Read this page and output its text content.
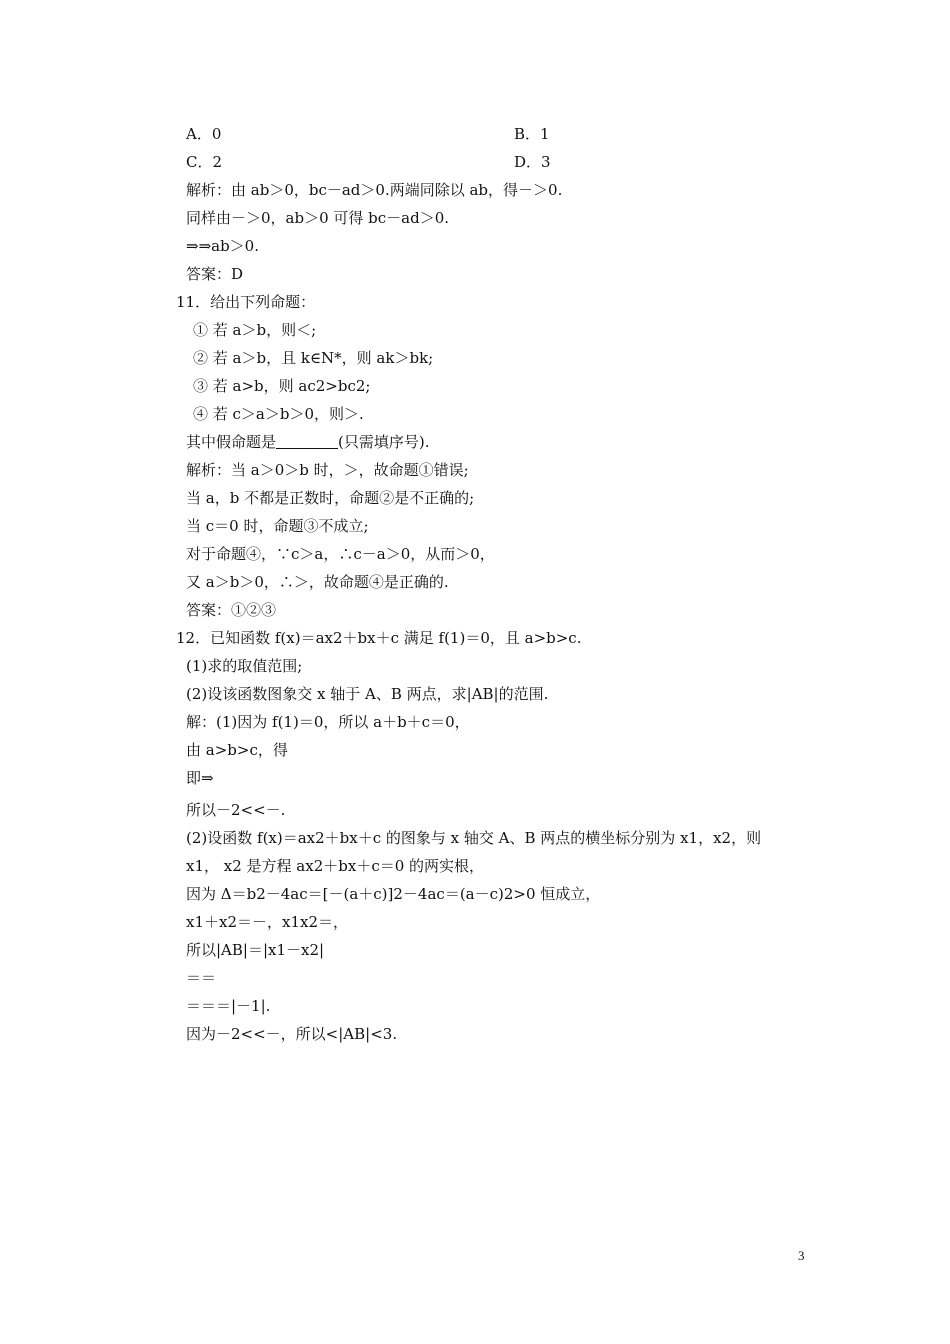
A．0	B．1
C．2	D．3
解析：由 ab＞0，bc－ad＞0.两端同除以 ab，得－＞0.
同样由－＞0，ab＞0 可得 bc－ad＞0.
⇒⇒ab＞0.
答案：D
11．给出下列命题：
① 若 a＞b，则＜;
② 若 a＞b，且 k∈N*，则 ak＞bk;
③ 若 a>b，则 ac2>bc2;
④ 若 c＞a＞b＞0，则＞.
其中假命题是	(只需填序号).
解析：当 a＞0＞b 时，＞，故命题①错误;
当 a，b 不都是正数时，命题②是不正确的;
当 c＝0 时，命题③不成立;
对于命题④，∵c＞a，∴c－a＞0，从而＞0，
又 a＞b＞0，∴＞，故命题④是正确的.
答案：①②③
12．已知函数 f(x)＝ax2＋bx＋c 满足 f(1)＝0，且 a>b>c.
(1)求的取值范围;
(2)设该函数图象交 x 轴于 A、B 两点，求|AB|的范围.
解：(1)因为 f(1)＝0，所以 a＋b＋c＝0，
由 a>b>c，得
即⇒
所以－2<<－.
(2)设函数 f(x)＝ax2＋bx＋c 的图象与 x 轴交 A、B 两点的横坐标分别为 x1，x2，则
x1， x2 是方程 ax2＋bx＋c＝0 的两实根，
因为 Δ＝b2－4ac＝[－(a＋c)]2－4ac＝(a－c)2>0 恒成立，
x1＋x2＝－，x1x2＝，
所以|AB|＝|x1－x2|
＝＝
＝＝＝|－1|.
因为－2<<－，所以<|AB|<3.
3
